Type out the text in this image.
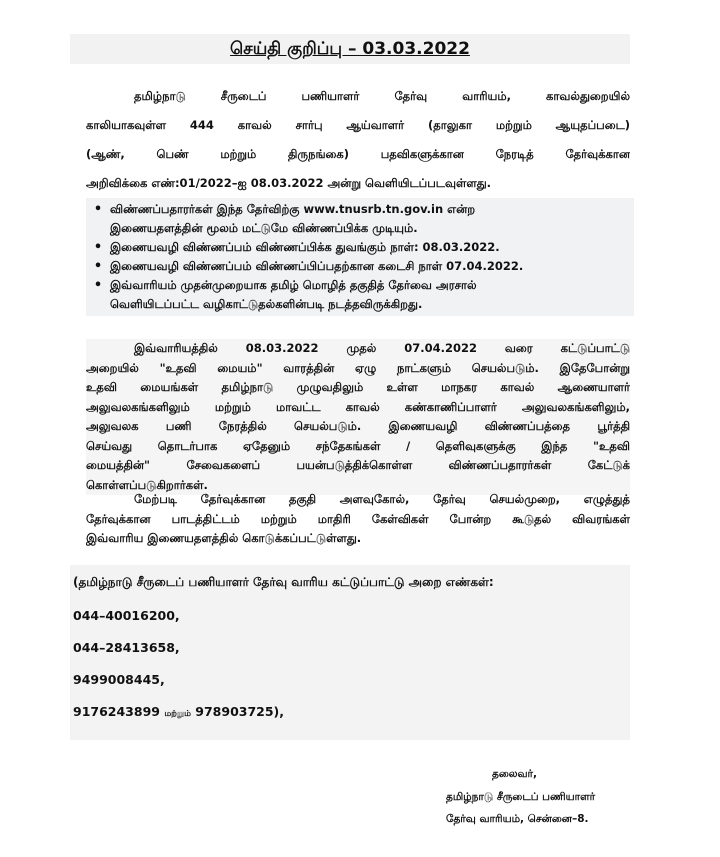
செய்தி குறிப்பு – 03.03.2022
தமிழ்நாடு சீருடைப் பணியாளர் தேர்வு வாரியம், காவல்துறையில்
காலியாகவுள்ள 444 காவல் சார்பு ஆய்வாளர் (தாலுகா மற்றும் ஆயுதப்படை)
(ஆண், பெண் மற்றும் திருநங்கை) பதவிகளுக்கான நேரடித் தேர்வுக்கான
அறிவிக்கை எண்:01/2022–ஐ 08.03.2022 அன்று வெளியிடப்படவுள்ளது.
• விண்ணப்பதாரர்கள் இந்த தேர்விற்கு www.tnusrb.tn.gov.in என்ற
இணையதளத்தின் மூலம் மட்டுமே விண்ணப்பிக்க முடியும்.
• இணையவழி விண்ணப்பம் விண்ணப்பிக்க துவங்கும் நாள்: 08.03.2022.
• இணையவழி விண்ணப்பம் விண்ணப்பிப்பதற்கான கடைசி நாள் 07.04.2022.
• இவ்வாரியம் முதன்முறையாக தமிழ் மொழித் தகுதித் தேர்வை அரசால்
வெளியிடப்பட்ட வழிகாட்டுதல்களின்படி நடத்தவிருக்கிறது.
இவ்வாரியத்தில் 08.03.2022 முதல் 07.04.2022 வரை கட்டுப்பாட்டு
அறையில் "உதவி மையம்" வாரத்தின் ஏழு நாட்களும் செயல்படும். இதேபோன்று
உதவி மையங்கள் தமிழ்நாடு முழுவதிலும் உள்ள மாநகர காவல் ஆணையாளர்
அலுவலகங்களிலும் மற்றும் மாவட்ட காவல் கண்காணிப்பாளர் அலுவலகங்களிலும்,
அலுவலக பணி நேரத்தில் செயல்படும். இணையவழி விண்ணப்பத்தை பூர்த்தி
செய்வது தொடர்பாக ஏதேனும் சந்தேகங்கள் / தெளிவுகளுக்கு இந்த "உதவி
மையத்தின்" சேவைகளைப் பயன்படுத்திக்கொள்ள விண்ணப்பதாரர்கள் கேட்டுக்
கொள்ளப்படுகிறார்கள்.
மேற்படி தேர்வுக்கான தகுதி அளவுகோல், தேர்வு செயல்முறை, எழுத்துத்
தேர்வுக்கான பாடத்திட்டம் மற்றும் மாதிரி கேள்விகள் போன்ற கூடுதல் விவரங்கள்
இவ்வாரிய இணையதளத்தில் கொடுக்கப்பட்டுள்ளது.
(தமிழ்நாடு சீருடைப் பணியாளர் தேர்வு வாரிய கட்டுப்பாட்டு அறை எண்கள்:
044–40016200,
044–28413658,
9499008445,
9176243899 மற்றும் 978903725),
தலைவர்,
தமிழ்நாடு சீருடைப் பணியாளர்
தேர்வு வாரியம், சென்னை–8.
